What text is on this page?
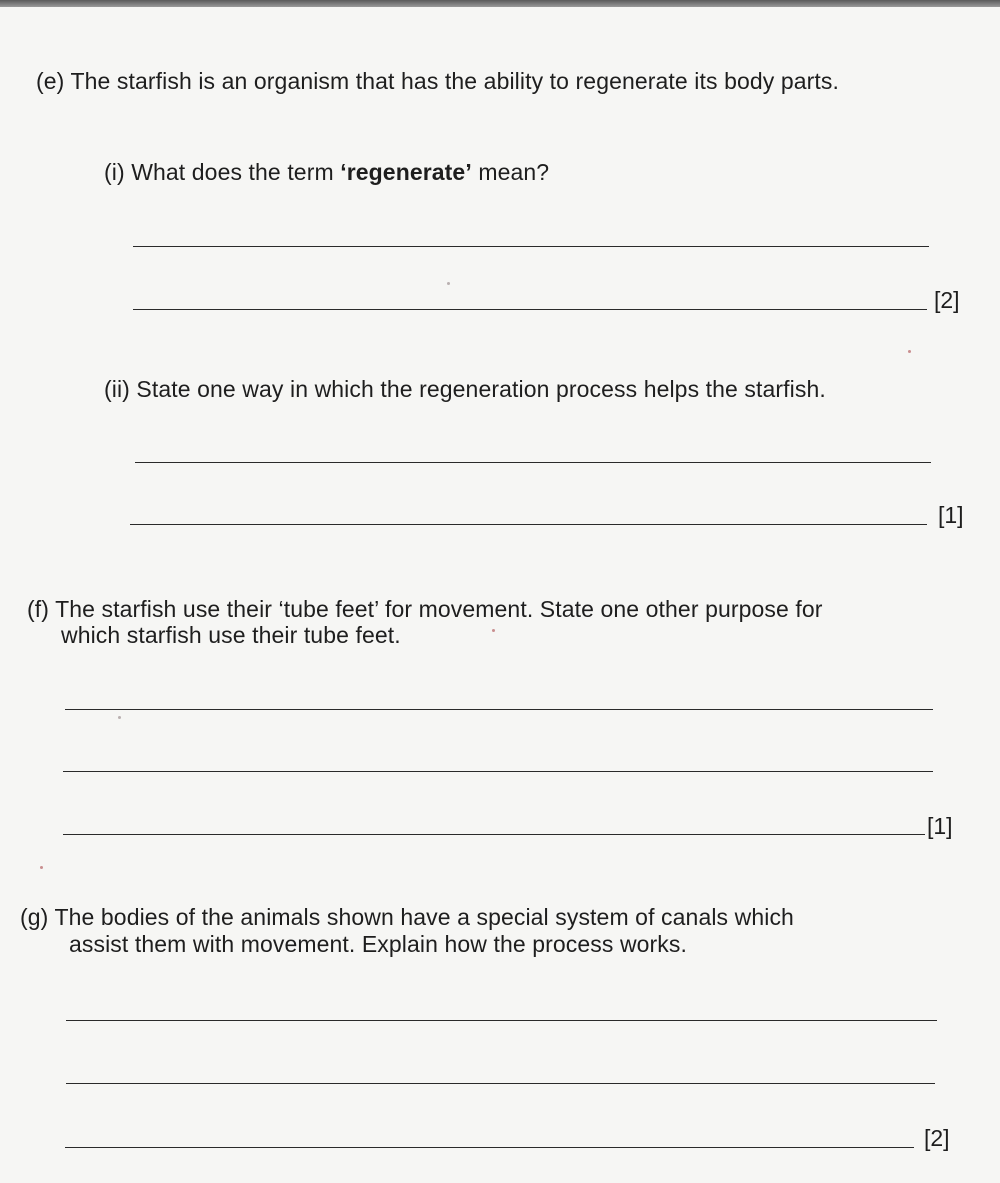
(e) The starfish is an organism that has the ability to regenerate its body parts.
(i) What does the term ‘regenerate’ mean?
[2]
(ii) State one way in which the regeneration process helps the starfish.
[1]
(f) The starfish use their ‘tube feet’ for movement. State one other purpose for
which starfish use their tube feet.
[1]
(g) The bodies of the animals shown have a special system of canals which
assist them with movement. Explain how the process works.
[2]
